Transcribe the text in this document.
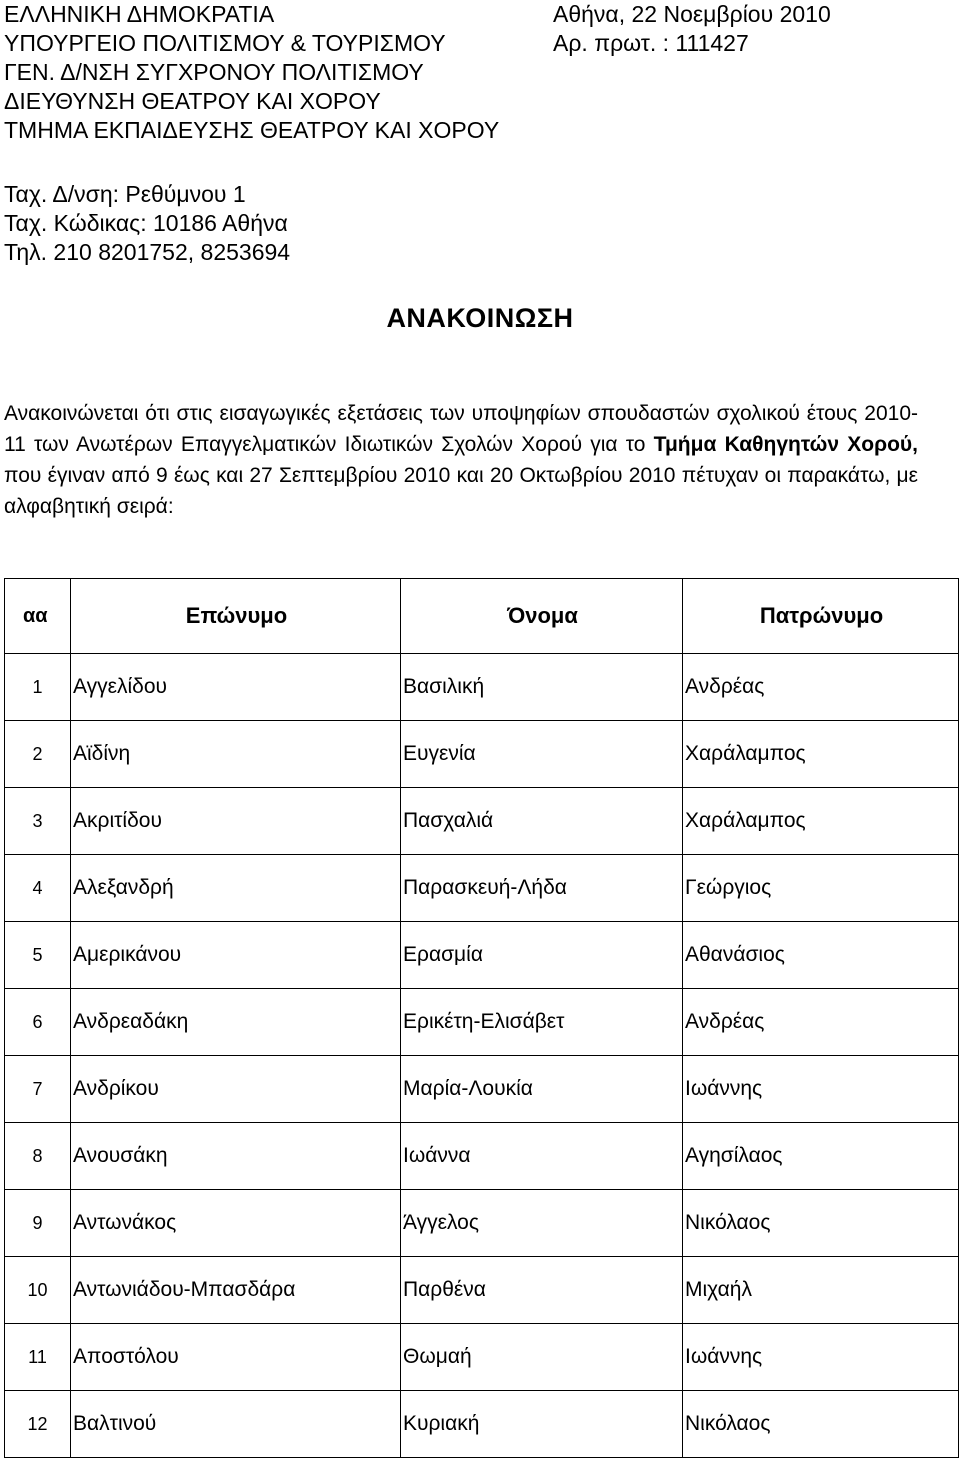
ΕΛΛΗΝΙΚΗ ΔΗΜΟΚΡΑΤΙΑ
ΥΠΟΥΡΓΕΙΟ ΠΟΛΙΤΙΣΜΟΥ & ΤΟΥΡΙΣΜΟΥ
ΓΕΝ. Δ/ΝΣΗ ΣΥΓΧΡΟΝΟΥ ΠΟΛΙΤΙΣΜΟΥ
ΔΙΕΥΘΥΝΣΗ ΘΕΑΤΡΟΥ ΚΑΙ ΧΟΡΟΥ
ΤΜΗΜΑ ΕΚΠΑΙΔΕΥΣΗΣ ΘΕΑΤΡΟΥ ΚΑΙ ΧΟΡΟΥ
Αθήνα, 22 Νοεμβρίου 2010
Αρ. πρωτ. : 111427
Ταχ. Δ/νση: Ρεθύμνου 1
Ταχ. Κώδικας: 10186 Αθήνα
Τηλ. 210 8201752, 8253694
ΑΝΑΚΟΙΝΩΣΗ
Ανακοινώνεται ότι στις εισαγωγικές εξετάσεις των υποψηφίων σπουδαστών σχολικού έτους 2010-11 των Ανωτέρων Επαγγελματικών Ιδιωτικών Σχολών Χορού για το Τμήμα Καθηγητών Χορού, που έγιναν από 9 έως και 27 Σεπτεμβρίου 2010 και 20 Οκτωβρίου 2010 πέτυχαν οι παρακάτω, με αλφαβητική σειρά:
αα	Επώνυμο	Όνομα	Πατρώνυμο
1	Αγγελίδου	Βασιλική	Ανδρέας
2	Αϊδίνη	Ευγενία	Χαράλαμπος
3	Ακριτίδου	Πασχαλιά	Χαράλαμπος
4	Αλεξανδρή	Παρασκευή-Λήδα	Γεώργιος
5	Αμερικάνου	Ερασμία	Αθανάσιος
6	Ανδρεαδάκη	Ερικέτη-Ελισάβετ	Ανδρέας
7	Ανδρίκου	Μαρία-Λουκία	Ιωάννης
8	Ανουσάκη	Ιωάννα	Αγησίλαος
9	Αντωνάκος	Άγγελος	Νικόλαος
10	Αντωνιάδου-Μπασδάρα	Παρθένα	Μιχαήλ
11	Αποστόλου	Θωμαή	Ιωάννης
12	Βαλτινού	Κυριακή	Νικόλαος
